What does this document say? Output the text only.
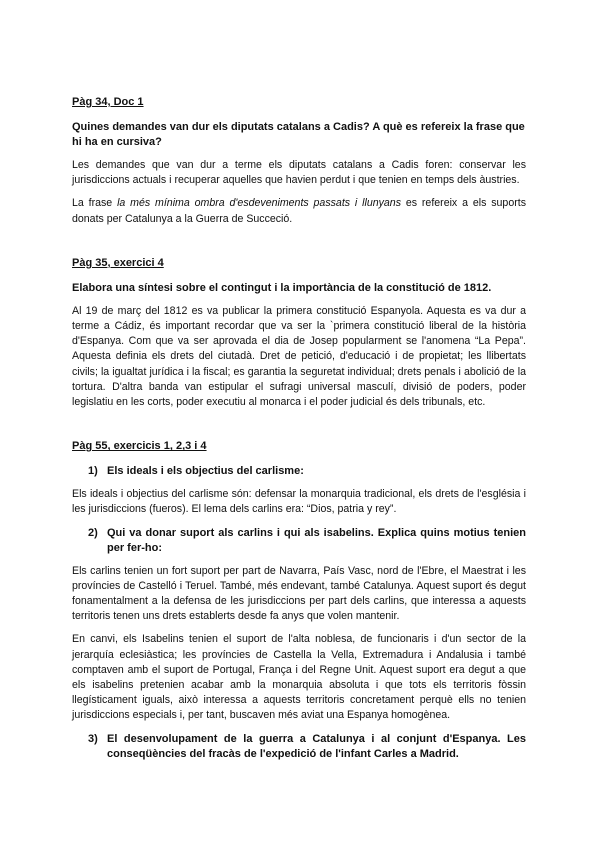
Pàg 34, Doc 1
Quines demandes van dur els diputats catalans a Cadis? A què es refereix la frase que hi ha en cursiva?

Les demandes que van dur a terme els diputats catalans a Cadis foren: conservar les jurisdiccions actuals i recuperar aquelles que havien perdut i que tenien en temps dels àustries.

La frase la més mínima ombra d'esdeveniments passats i llunyans es refereix a els suports donats per Catalunya a la Guerra de Succeció.

Pàg 35, exercici 4
Elabora una síntesi sobre el contingut i la importància de la constitució de 1812.

Al 19 de març del 1812 es va publicar la primera constitució Espanyola. Aquesta es va dur a terme a Cádiz, és important recordar que va ser la `primera constitució liberal de la història d'Espanya. Com que va ser aprovada el dia de Josep popularment se l'anomena “La Pepa”. Aquesta definia els drets del ciutadà. Dret de petició, d'educació i de propietat; les llibertats civils; la igualtat jurídica i la fiscal; es garantia la seguretat individual; drets penals i abolició de la tortura. D'altra banda van estipular el sufragi universal masculí, divisió de poders, poder legislatiu en les corts, poder executiu al monarca i el poder judicial és dels tribunals, etc.

Pàg 55, exercicis 1, 2,3 i 4
1) Els ideals i els objectius del carlisme:

Els ideals i objectius del carlisme són: defensar la monarquia tradicional, els drets de l'església i les jurisdiccions (fueros). El lema dels carlins era: “Dios, patria y rey”.

2) Qui va donar suport als carlins i qui als isabelins. Explica quins motius tenien per fer-ho:

Els carlins tenien un fort suport per part de Navarra, País Vasc, nord de l'Ebre, el Maestrat i les províncies de Castelló i Teruel. També, més endevant, també Catalunya. Aquest suport és degut fonamentalment a la defensa de les jurisdiccions per part dels carlins, que interessa a aquests territoris tenen uns drets establerts desde fa anys que volen mantenir.

En canvi, els Isabelins tenien el suport de l'alta noblesa, de funcionaris i d'un sector de la jerarquía eclesiàstica; les províncies de Castella la Vella, Extremadura i Andalusia i també comptaven amb el suport de Portugal, França i del Regne Unit. Aquest suport era degut a que els isabelins pretenien acabar amb la monarquia absoluta i que tots els territoris fòssin llegísticament iguals, això interessa a aquests territoris concretament perquè ells no tenien jurisdiccions especials i, per tant, buscaven més aviat una Espanya homogènea.

3) El desenvolupament de la guerra a Catalunya i al conjunt d'Espanya. Les conseqüències del fracàs de l'expedició de l'infant Carles a Madrid.
